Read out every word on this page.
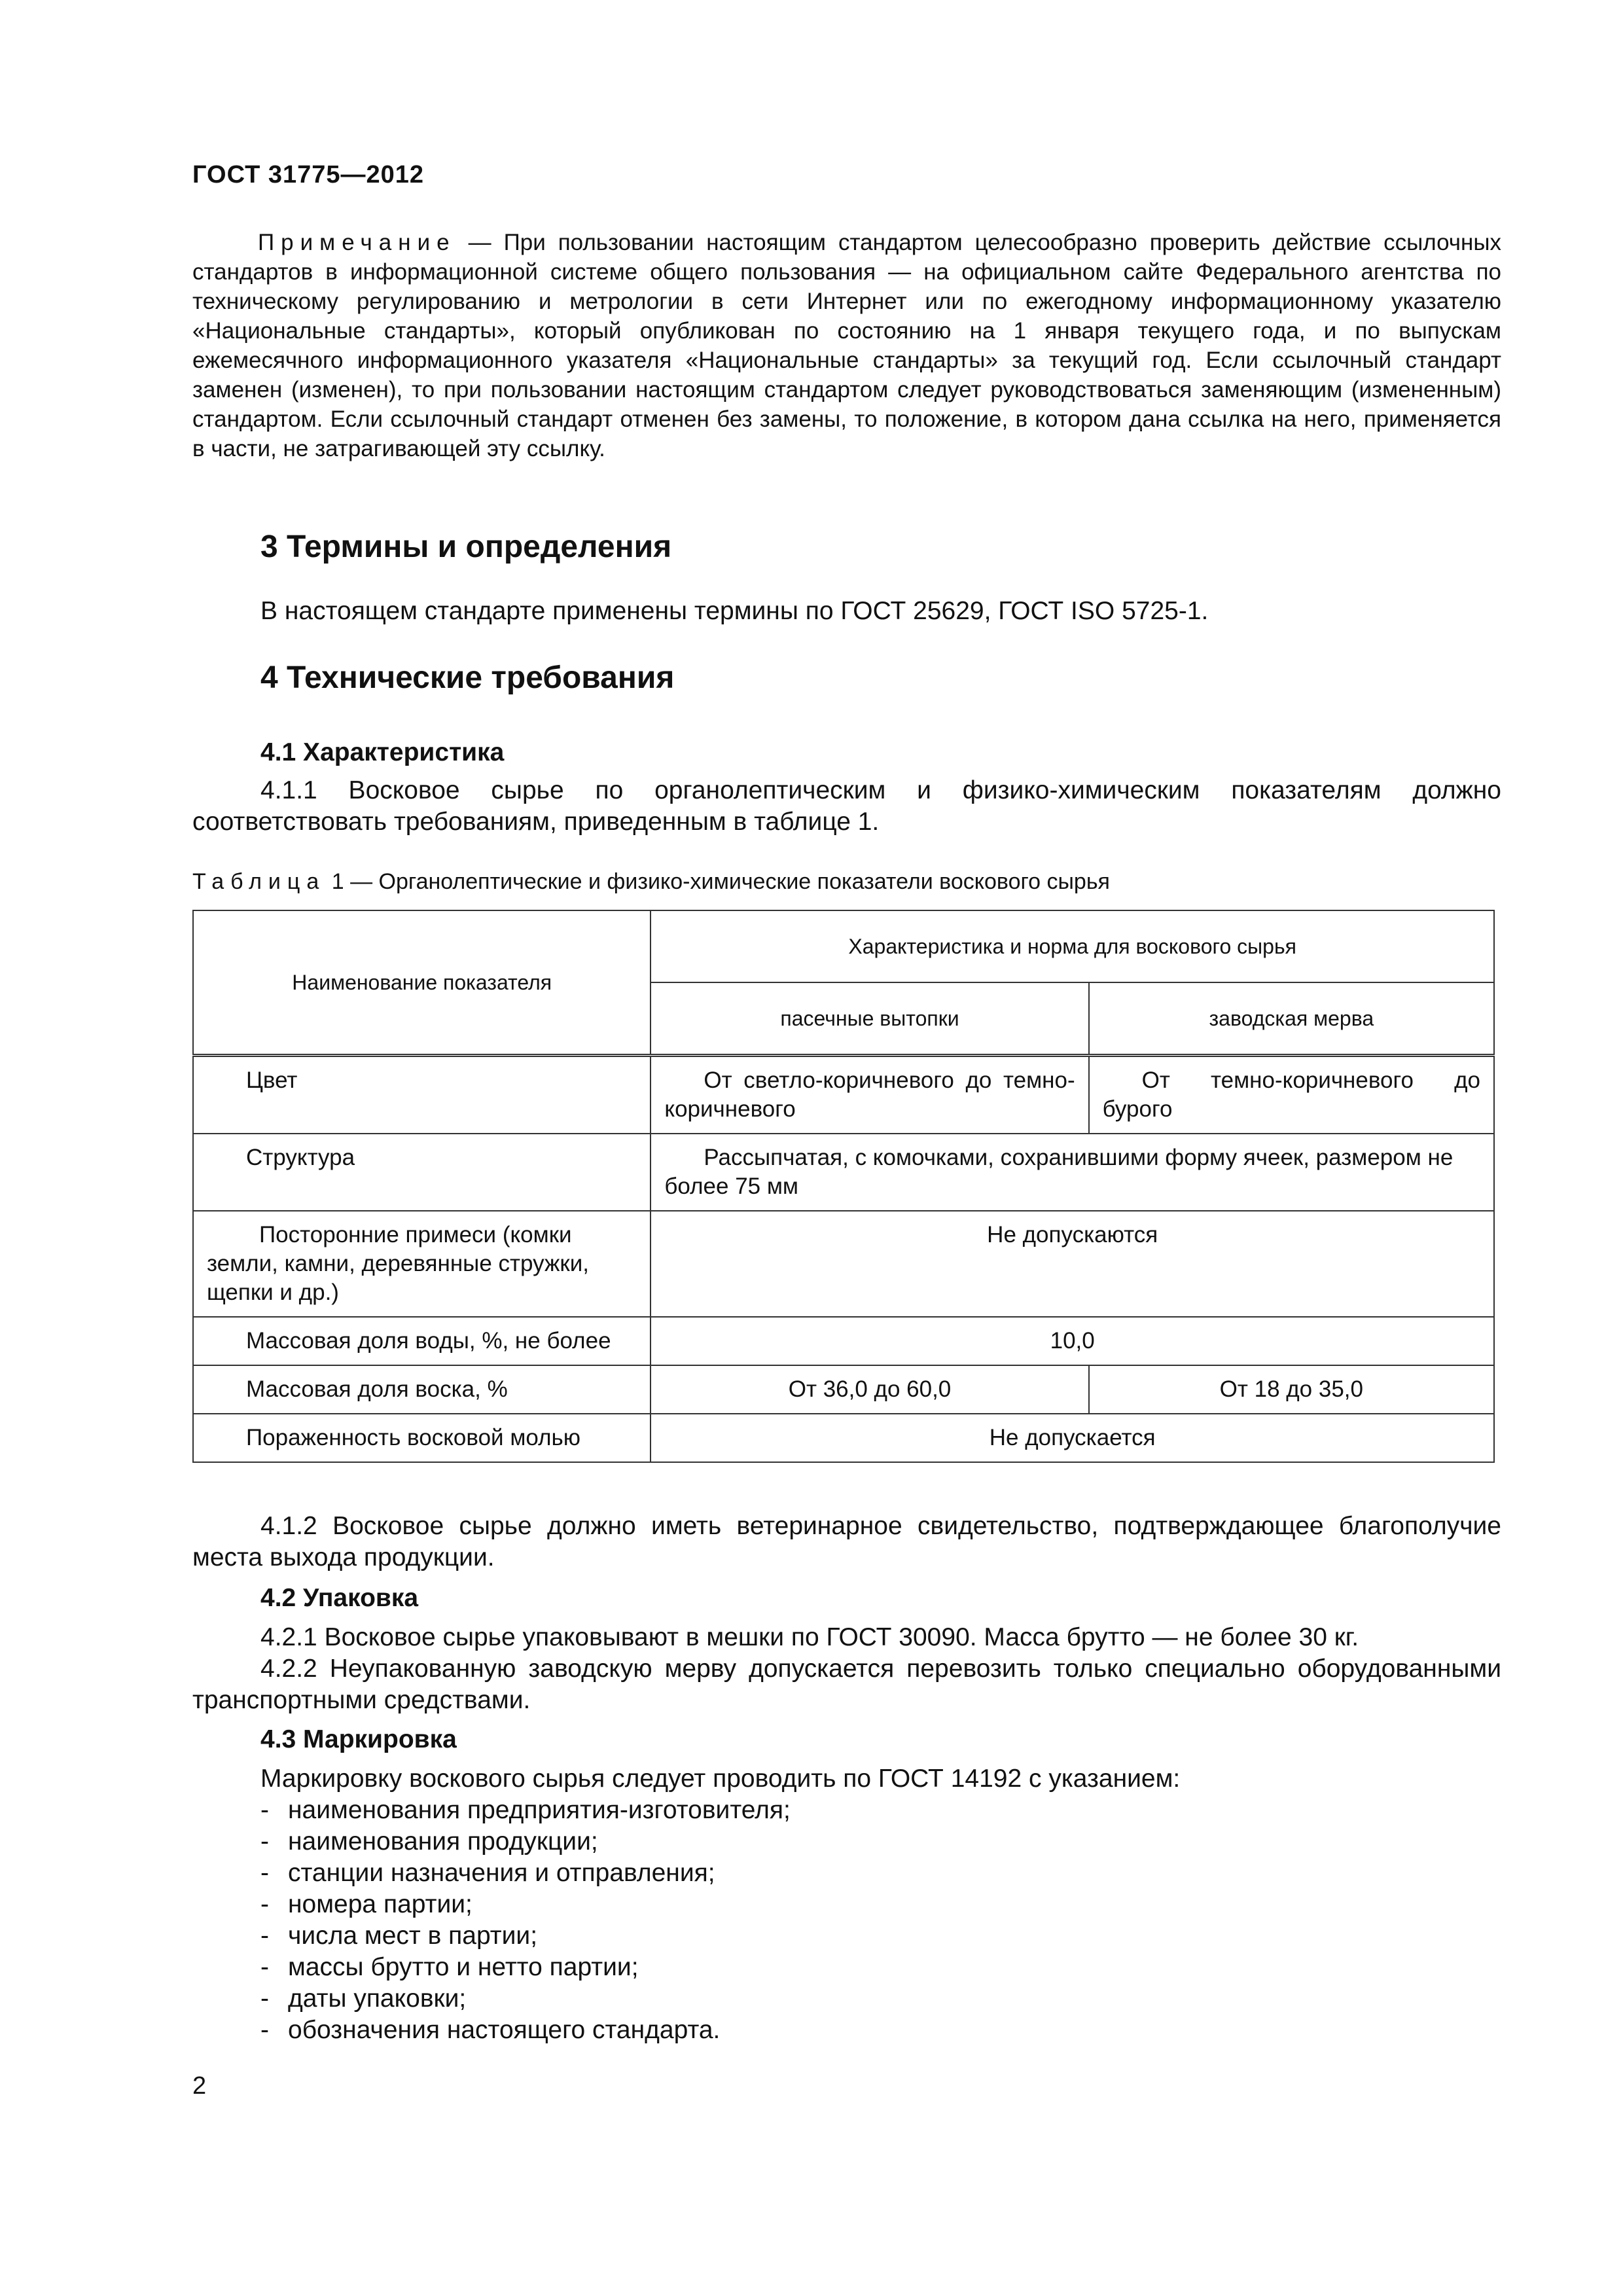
ГОСТ 31775—2012
Примечание — При пользовании настоящим стандартом целесообразно проверить действие ссылочных стандартов в информационной системе общего пользования — на официальном сайте Федерального агентства по техническому регулированию и метрологии в сети Интернет или по ежегодному информационному указателю «Национальные стандарты», который опубликован по состоянию на 1 января текущего года, и по выпускам ежемесячного информационного указателя «Национальные стандарты» за текущий год. Если ссылочный стандарт заменен (изменен), то при пользовании настоящим стандартом следует руководствоваться заменяющим (измененным) стандартом. Если ссылочный стандарт отменен без замены, то положение, в котором дана ссылка на него, применяется в части, не затрагивающей эту ссылку.
3 Термины и определения
В настоящем стандарте применены термины по ГОСТ 25629, ГОСТ ISO 5725-1.
4 Технические требования
4.1 Характеристика
4.1.1 Восковое сырье по органолептическим и физико-химическим показателям должно соответствовать требованиям, приведенным в таблице 1.
Таблица 1 — Органолептические и физико-химические показатели воскового сырья
Наименование показателя	Характеристика и норма для воскового сырья	
	пасечные вытопки	заводская мерва
Цвет	От светло-коричневого до темно-коричневого	От темно-коричневого до бурого
Структура	Рассыпчатая, с комочками, сохранившими форму ячеек, размером не более 75 мм	
Посторонние примеси (комки земли, камни, деревянные стружки, щепки и др.)	Не допускаются	
Массовая доля воды, %, не более	10,0	
Массовая доля воска, %	От 36,0 до 60,0	От 18 до 35,0
Пораженность восковой молью	Не допускается	
4.1.2 Восковое сырье должно иметь ветеринарное свидетельство, подтверждающее благополучие места выхода продукции.
4.2 Упаковка
4.2.1 Восковое сырье упаковывают в мешки по ГОСТ 30090. Масса брутто — не более 30 кг.
4.2.2 Неупакованную заводскую мерву допускается перевозить только специально оборудованными транспортными средствами.
4.3 Маркировка
Маркировку воскового сырья следует проводить по ГОСТ 14192 с указанием:
- наименования предприятия-изготовителя;
- наименования продукции;
- станции назначения и отправления;
- номера партии;
- числа мест в партии;
- массы брутто и нетто партии;
- даты упаковки;
- обозначения настоящего стандарта.
2
